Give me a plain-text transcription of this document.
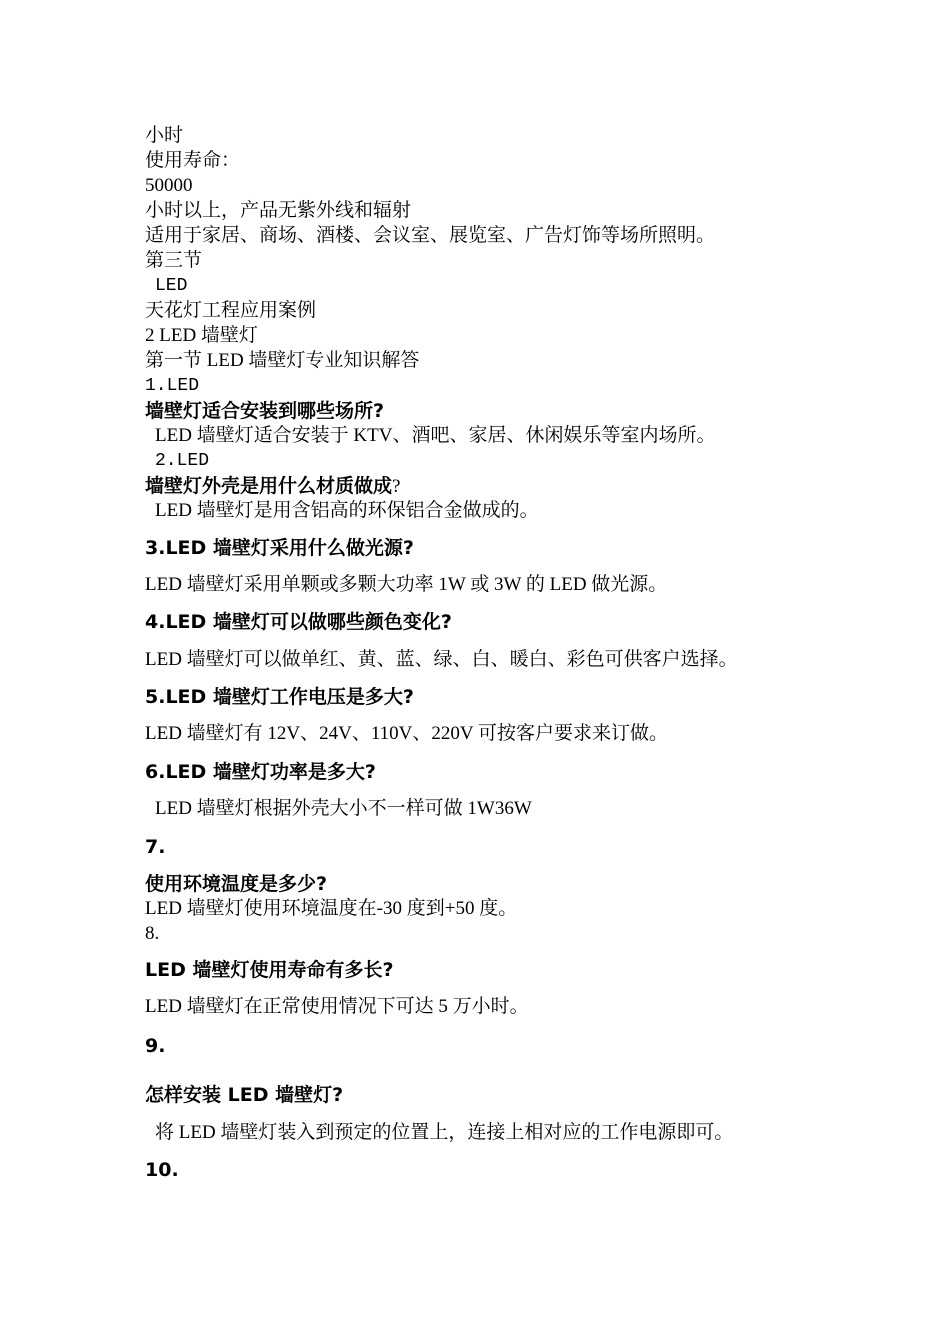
小时
使用寿命：
50000
小时以上，产品无紫外线和辐射
适用于家居、商场、酒楼、会议室、展览室、广告灯饰等场所照明。
第三节
LED
天花灯工程应用案例
2 LED 墙壁灯
第一节 LED 墙壁灯专业知识解答
1.LED
墙壁灯适合安装到哪些场所?
LED 墙壁灯适合安装于 KTV、酒吧、家居、休闲娱乐等室内场所。
2.LED
墙壁灯外壳是用什么材质做成?
LED 墙壁灯是用含铝高的环保铝合金做成的。
3.LED 墙壁灯采用什么做光源?
LED 墙壁灯采用单颗或多颗大功率 1W 或 3W 的 LED 做光源。
4.LED 墙壁灯可以做哪些颜色变化?
LED 墙壁灯可以做单红、黄、蓝、绿、白、暖白、彩色可供客户选择。
5.LED 墙壁灯工作电压是多大?
LED 墙壁灯有 12V、24V、110V、220V 可按客户要求来订做。
6.LED 墙壁灯功率是多大?
LED 墙壁灯根据外壳大小不一样可做 1W36W
7.
使用环境温度是多少?
LED 墙壁灯使用环境温度在-30 度到+50 度。
8.
LED 墙壁灯使用寿命有多长?
LED 墙壁灯在正常使用情况下可达 5 万小时。
9.
怎样安装 LED 墙壁灯?
将 LED 墙壁灯装入到预定的位置上，连接上相对应的工作电源即可。
10.
